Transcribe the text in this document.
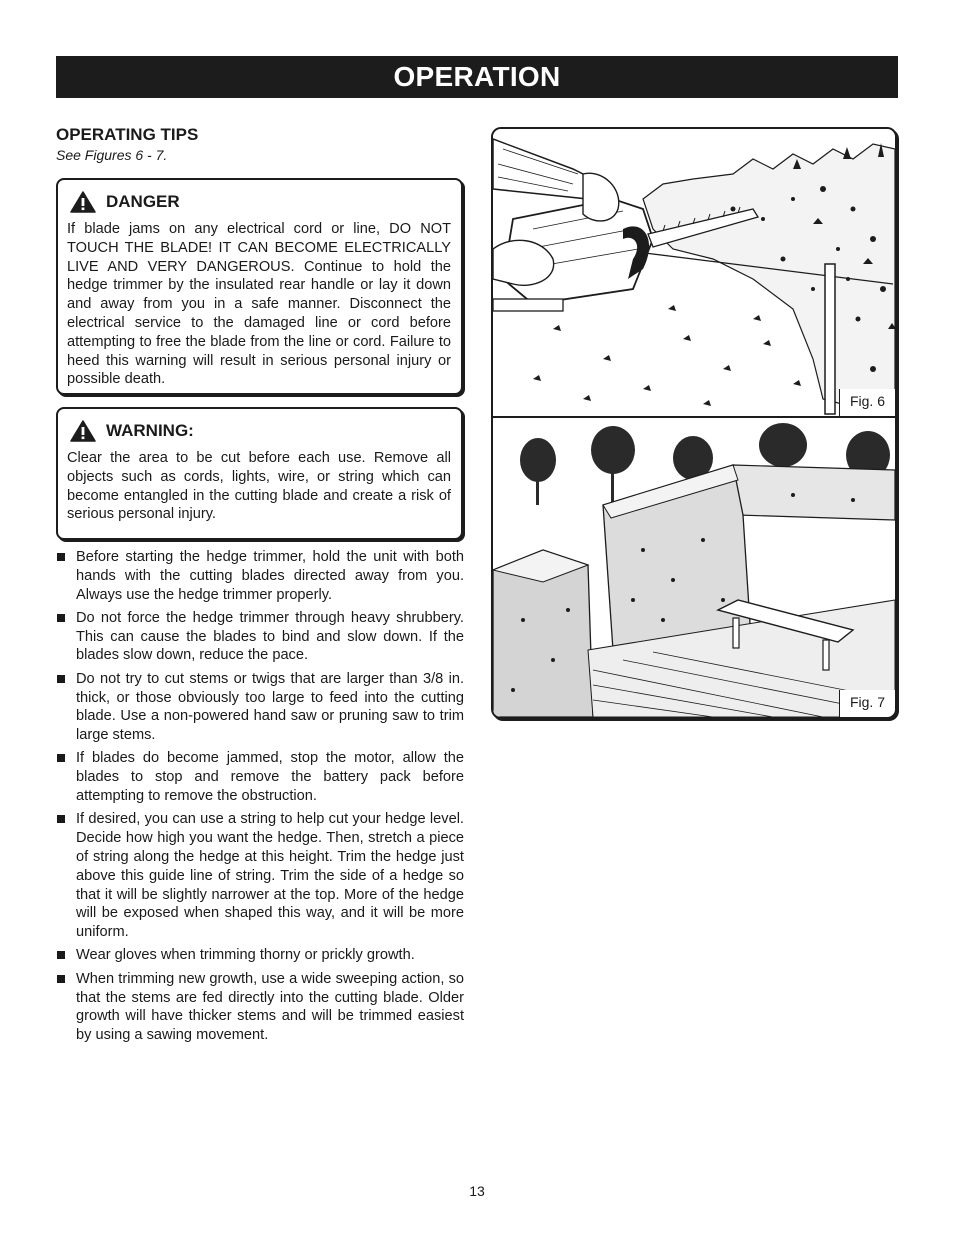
OPERATION
OPERATING TIPS
See Figures 6 - 7.
DANGER

If blade jams on any electrical cord or line, DO NOT TOUCH THE BLADE! IT CAN BECOME ELECTRICALLY LIVE AND VERY DANGEROUS. Continue to hold the hedge trimmer by the insulated rear handle or lay it down and away from you in a safe manner. Disconnect the electrical service to the damaged line or cord before attempting to free the blade from the line or cord. Failure to heed this warning will result in serious personal injury or possible death.

WARNING:

Clear the area to be cut before each use. Remove all objects such as cords, lights, wire, or string which can become entangled in the cutting blade and create a risk of serious personal injury.

Before starting the hedge trimmer, hold the unit with both hands with the cutting blades directed away from you. Always use the hedge trimmer properly.
Do not force the hedge trimmer through heavy shrubbery. This can cause the blades to bind and slow down. If the blades slow down, reduce the pace.
Do not try to cut stems or twigs that are larger than 3/8 in. thick, or those obviously too large to feed into the cutting blade. Use a non-powered hand saw or pruning saw to trim large stems.
If blades do become jammed, stop the motor, allow the blades to stop and remove the battery pack before attempting to remove the obstruction.
If desired, you can use a string to help cut your hedge level. Decide how high you want the hedge. Then, stretch a piece of string along the hedge at this height. Trim the hedge just above this guide line of string. Trim the side of a hedge so that it will be slightly narrower at the top. More of the hedge will be exposed when shaped this way, and it will be more uniform.
Wear gloves when trimming thorny or prickly growth.
When trimming new growth, use a wide sweeping action, so that the stems are fed directly into the cutting blade. Older growth will have thicker stems and will be trimmed easiest by using a sawing movement.
Fig. 6
Fig. 7
13
